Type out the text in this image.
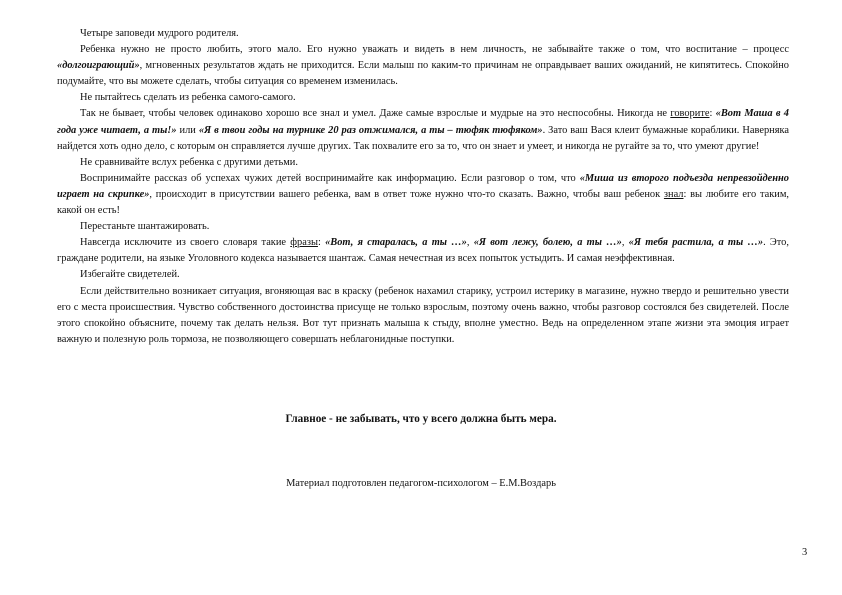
Четыре заповеди мудрого родителя.

Ребенка нужно не просто любить, этого мало. Его нужно уважать и видеть в нем личность, не забывайте также о том, что воспитание – процесс «долгоиграющий», мгновенных результатов ждать не приходится. Если малыш по каким-то причинам не оправдывает ваших ожиданий, не кипятитесь. Спокойно подумайте, что вы можете сделать, чтобы ситуация со временем изменилась.

Не пытайтесь сделать из ребенка самого-самого.

Так не бывает, чтобы человек одинаково хорошо все знал и умел. Даже самые взрослые и мудрые на это неспособны. Никогда не говорите: «Вот Маша в 4 года уже читает, а ты!» или «Я в твои годы на турнике 20 раз отжимался, а ты – тюфяк тюфяком». Зато ваш Вася клеит бумажные кораблики. Наверняка найдется хоть одно дело, с которым он справляется лучше других. Так похвалите его за то, что он знает и умеет, и никогда не ругайте за то, что умеют другие!

Не сравнивайте вслух ребенка с другими детьми.

Воспринимайте рассказ об успехах чужих детей воспринимайте как информацию. Если разговор о том, что «Миша из второго подъезда непревзойденно играет на скрипке», происходит в присутствии вашего ребенка, вам в ответ тоже нужно что-то сказать. Важно, чтобы ваш ребенок знал: вы любите его таким, какой он есть!

Перестаньте шантажировать.

Навсегда исключите из своего словаря такие фразы: «Вот, я старалась, а ты …», «Я вот лежу, болею, а ты …», «Я тебя растила, а ты …». Это, граждане родители, на языке Уголовного кодекса называется шантаж. Самая нечестная из всех попыток устыдить. И самая неэффективная.

Избегайте свидетелей.

Если действительно возникает ситуация, вгоняющая вас в краску (ребенок нахамил старику, устроил истерику в магазине, нужно твердо и решительно увести его с места происшествия. Чувство собственного достоинства присуще не только взрослым, поэтому очень важно, чтобы разговор состоялся без свидетелей. После этого спокойно объясните, почему так делать нельзя. Вот тут признать малыша к стыду, вполне уместно. Ведь на определенном этапе жизни эта эмоция играет важную и полезную роль тормоза, не позволяющего совершать неблагонидные поступки.

Главное - не забывать, что у всего должна быть мера.
Материал подготовлен педагогом-психологом – Е.М.Воздарь
3
